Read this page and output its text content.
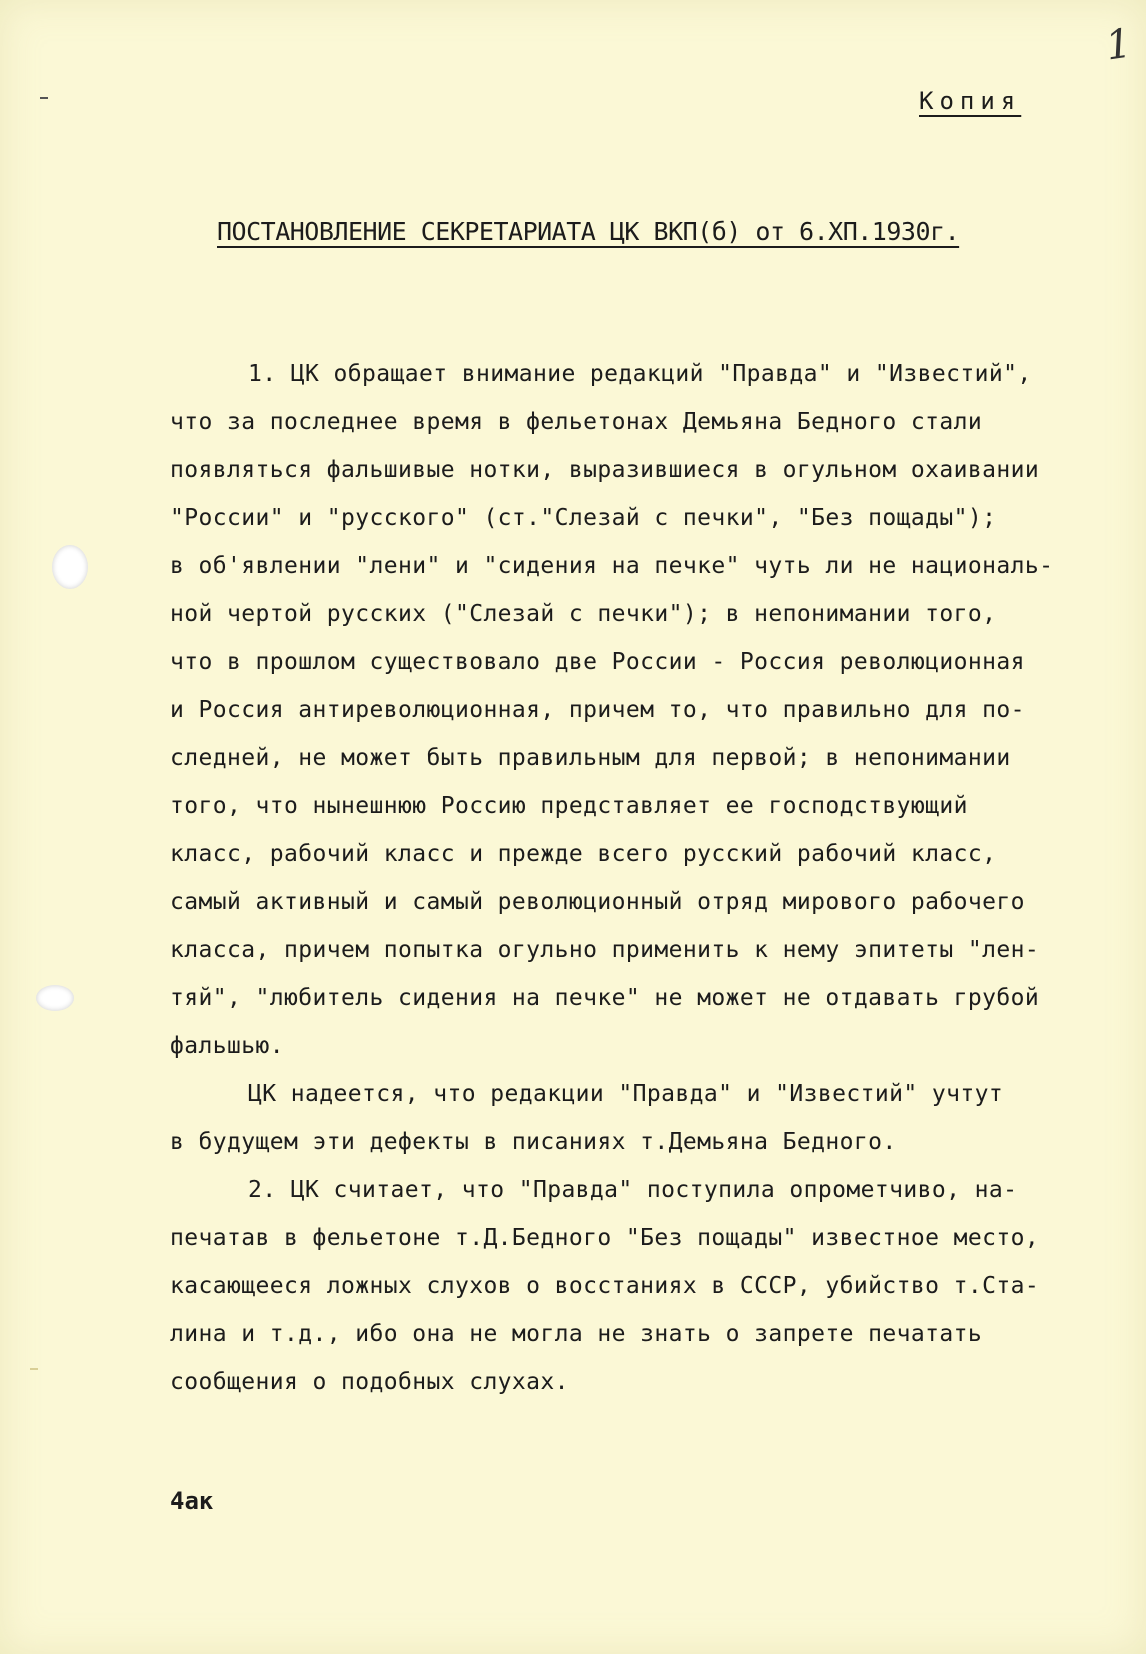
1
Копия
ПОСТАНОВЛЕНИЕ СЕКРЕТАРИАТА ЦК ВКП(б) от 6.ХП.1930г.
1. ЦК обращает внимание редакций "Правда" и "Известий",
что за последнее время в фельетонах Демьяна Бедного стали
появляться фальшивые нотки, выразившиеся в огульном охаивании
"России" и "русского" (ст."Слезай с печки", "Без пощады");
в об'явлении "лени" и "сидения на печке" чуть ли не националь-
ной чертой русских ("Слезай с печки"); в непонимании того,
что в прошлом существовало две России - Россия революционная
и Россия антиреволюционная, причем то, что правильно для по-
следней, не может быть правильным для первой; в непонимании
того, что нынешнюю Россию представляет ее господствующий
класс, рабочий класс и прежде всего русский рабочий класс,
самый активный и самый революционный отряд мирового рабочего
класса, причем попытка огульно применить к нему эпитеты "лен-
тяй", "любитель сидения на печке" не может не отдавать грубой
фальшью.
ЦК надеется, что редакции "Правда" и "Известий" учтут
в будущем эти дефекты в писаниях т.Демьяна Бедного.
2. ЦК считает, что "Правда" поступила опрометчиво, на-
печатав в фельетоне т.Д.Бедного "Без пощады" известное место,
касающееся ложных слухов о восстаниях в СССР, убийство т.Ста-
лина и т.д., ибо она не могла не знать о запрете печатать
сообщения о подобных слухах.
4ак
